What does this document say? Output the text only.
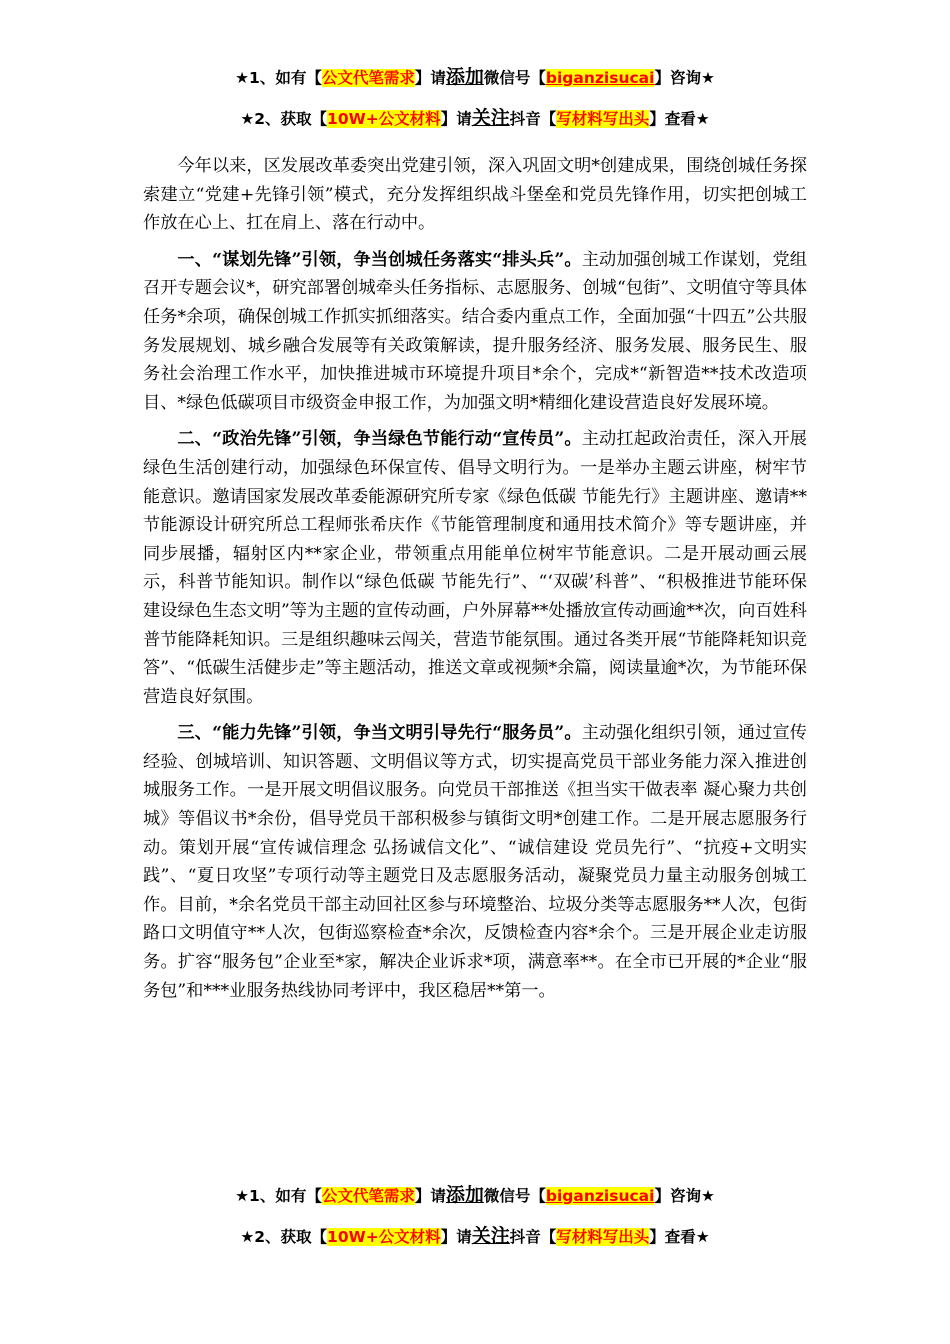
★1、如有【公文代笔需求】请添加微信号【biganzisucai】咨询★
★2、获取【10W+公文材料】请关注抖音【写材料写出头】查看★

今年以来，区发展改革委突出党建引领，深入巩固文明*创建成果，围绕创城任务探索建立“党建+先锋引领”模式，充分发挥组织战斗堡垒和党员先锋作用，切实把创城工作放在心上、扛在肩上、落在行动中。

一、“谋划先锋”引领，争当创城任务落实“排头兵”。主动加强创城工作谋划，党组召开专题会议*，研究部署创城牵头任务指标、志愿服务、创城“包街”、文明值守等具体任务*余项，确保创城工作抓实抓细落实。结合委内重点工作，全面加强“十四五”公共服务发展规划、城乡融合发展等有关政策解读，提升服务经济、服务发展、服务民生、服务社会治理工作水平，加快推进城市环境提升项目*余个，完成*“新智造**技术改造项目、*绿色低碳项目市级资金申报工作，为加强文明*精细化建设营造良好发展环境。

二、“政治先锋”引领，争当绿色节能行动“宣传员”。主动扛起政治责任，深入开展绿色生活创建行动，加强绿色环保宣传、倡导文明行为。一是举办主题云讲座，树牢节能意识。邀请国家发展改革委能源研究所专家《绿色低碳 节能先行》主题讲座、邀请**节能源设计研究所总工程师张希庆作《节能管理制度和通用技术简介》等专题讲座，并同步展播，辐射区内**家企业，带领重点用能单位树牢节能意识。二是开展动画云展示，科普节能知识。制作以“绿色低碳 节能先行”、“‘双碳’科普”、“积极推进节能环保 建设绿色生态文明”等为主题的宣传动画，户外屏幕**处播放宣传动画逾**次，向百姓科普节能降耗知识。三是组织趣味云闯关，营造节能氛围。通过各类开展“节能降耗知识竞答”、“低碳生活健步走”等主题活动，推送文章或视频*余篇，阅读量逾*次，为节能环保营造良好氛围。

三、“能力先锋”引领，争当文明引导先行“服务员”。主动强化组织引领，通过宣传经验、创城培训、知识答题、文明倡议等方式，切实提高党员干部业务能力深入推进创城服务工作。一是开展文明倡议服务。向党员干部推送《担当实干做表率 凝心聚力共创城》等倡议书*余份，倡导党员干部积极参与镇街文明*创建工作。二是开展志愿服务行动。策划开展“宣传诚信理念 弘扬诚信文化”、“诚信建设 党员先行”、“抗疫+文明实践”、“夏日攻坚”专项行动等主题党日及志愿服务活动，凝聚党员力量主动服务创城工作。目前，*余名党员干部主动回社区参与环境整治、垃圾分类等志愿服务**人次，包街路口文明值守**人次，包街巡察检查*余次，反馈检查内容*余个。三是开展企业走访服务。扩容“服务包”企业至*家，解决企业诉求*项，满意率**。在全市已开展的*企业“服务包”和***业服务热线协同考评中，我区稳居**第一。

★1、如有【公文代笔需求】请添加微信号【biganzisucai】咨询★
★2、获取【10W+公文材料】请关注抖音【写材料写出头】查看★
